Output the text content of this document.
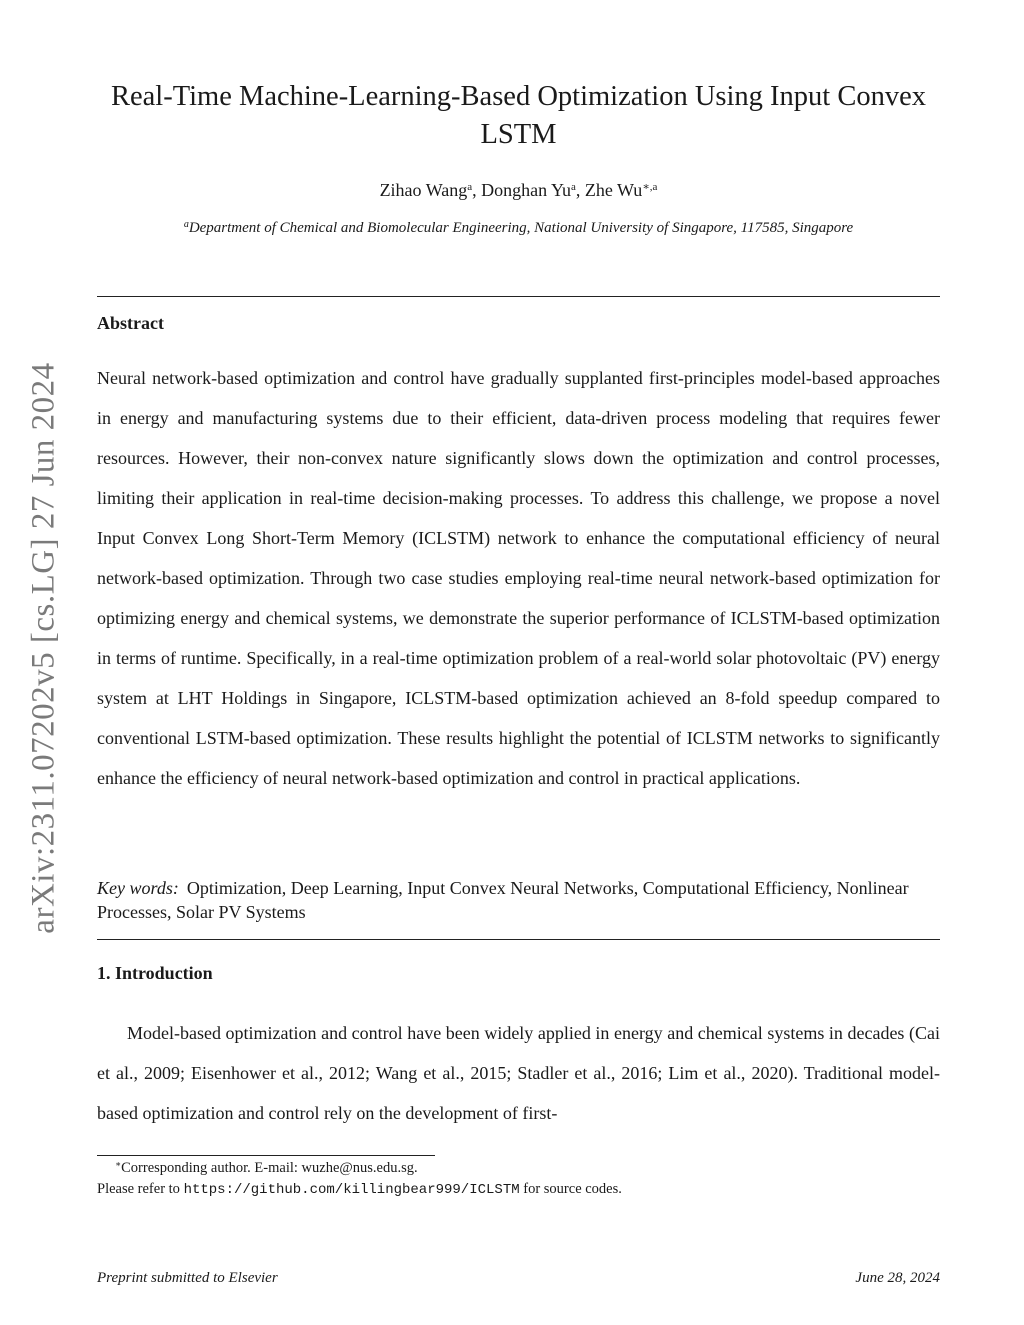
arXiv:2311.07202v5 [cs.LG] 27 Jun 2024
Real-Time Machine-Learning-Based Optimization Using Input Convex LSTM
Zihao Wang$^a$, Donghan Yu$^a$, Zhe $Wu^{∗,a}$
$^a$Department of Chemical and Biomolecular Engineering, National University of Singapore, 117585, Singapore
Abstract
Neural network-based optimization and control have gradually supplanted first-principles model-based approaches in energy and manufacturing systems due to their efficient, data-driven process modeling that requires fewer resources. However, their non-convex nature significantly slows down the optimization and control processes, limiting their application in real-time decision-making processes. To address this challenge, we propose a novel Input Convex Long Short-Term Memory (ICLSTM) network to enhance the computational efficiency of neural network-based optimization. Through two case studies employing real-time neural network-based optimization for optimizing energy and chemical systems, we demonstrate the superior performance of ICLSTM-based optimization in terms of runtime. Specifically, in a real-time optimization problem of a real-world solar photovoltaic (PV) energy system at LHT Holdings in Singapore, ICLSTM-based optimization achieved an 8-fold speedup compared to conventional LSTM-based optimization. These results highlight the potential of ICLSTM networks to significantly enhance the efficiency of neural network-based optimization and control in practical applications.
Key words: Optimization, Deep Learning, Input Convex Neural Networks, Computational Efficiency, Nonlinear Processes, Solar PV Systems
1. Introduction
Model-based optimization and control have been widely applied in energy and chemical systems in decades (Cai et al., 2009; Eisenhower et al., 2012; Wang et al., 2015; Stadler et al., 2016; Lim et al., 2020). Traditional model-based optimization and control rely on the development of first-
∗Corresponding author. E-mail: wuzhe@nus.edu.sg.
Please refer to https://github.com/killingbear999/ICLSTM for source codes.
Preprint submitted to Elsevier	June 28, 2024
